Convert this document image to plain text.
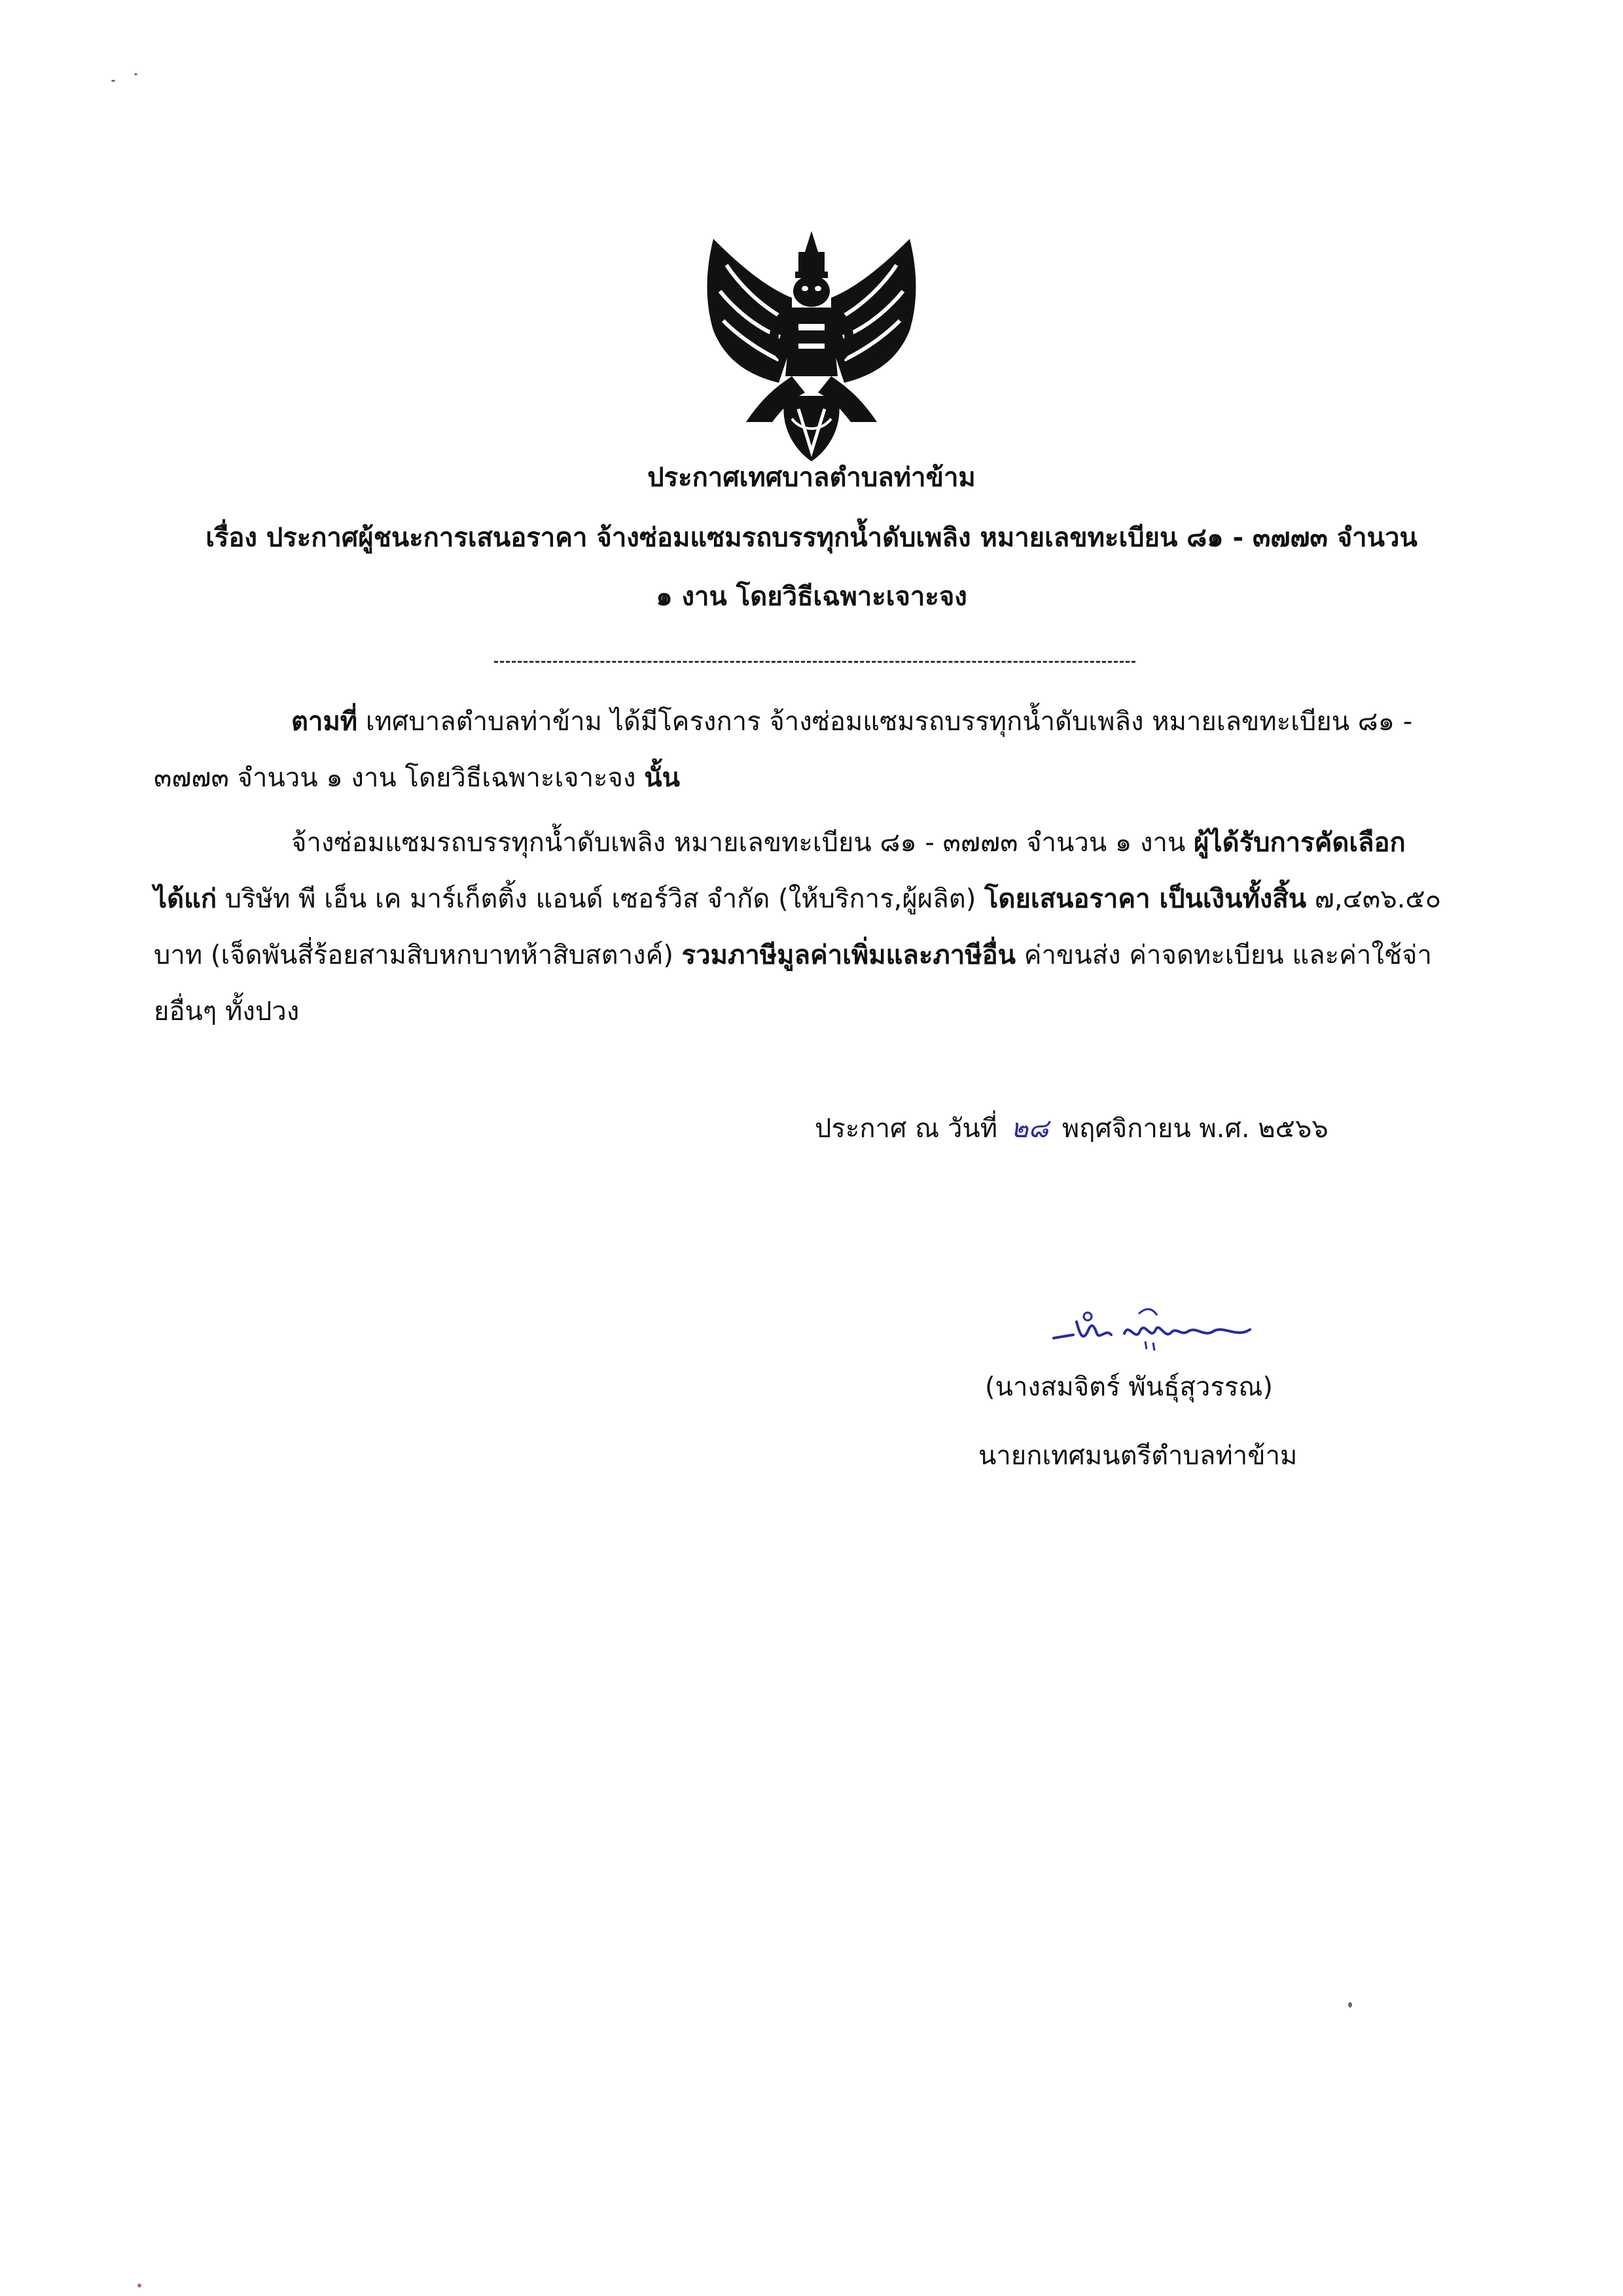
ประกาศเทศบาลตำบลท่าข้าม
เรื่อง ประกาศผู้ชนะการเสนอราคา จ้างซ่อมแซมรถบรรทุกน้ำดับเพลิง หมายเลขทะเบียน ๘๑ - ๓๗๗๓ จำนวน
๑ งาน โดยวิธีเฉพาะเจาะจง
ตามที่ เทศบาลตำบลท่าข้าม ได้มีโครงการ จ้างซ่อมแซมรถบรรทุกน้ำดับเพลิง หมายเลขทะเบียน ๘๑ - ๓๗๗๓ จำนวน ๑ งาน โดยวิธีเฉพาะเจาะจง นั้น
จ้างซ่อมแซมรถบรรทุกน้ำดับเพลิง หมายเลขทะเบียน ๘๑ - ๓๗๗๓ จำนวน ๑ งาน ผู้ได้รับการคัดเลือก ได้แก่ บริษัท พี เอ็น เค มาร์เก็ตติ้ง แอนด์ เซอร์วิส จำกัด (ให้บริการ,ผู้ผลิต) โดยเสนอราคา เป็นเงินทั้งสิ้น ๗,๔๓๖.๕๐ บาท (เจ็ดพันสี่ร้อยสามสิบหกบาทห้าสิบสตางค์) รวมภาษีมูลค่าเพิ่มและภาษีอื่น ค่าขนส่ง ค่าจดทะเบียน และค่าใช้จ่ายอื่นๆ ทั้งปวง
ประกาศ ณ วันที่ ๒๘ พฤศจิกายน พ.ศ. ๒๕๖๖
(นางสมจิตร์ พันธุ์สุวรรณ)
นายกเทศมนตรีตำบลท่าข้าม
